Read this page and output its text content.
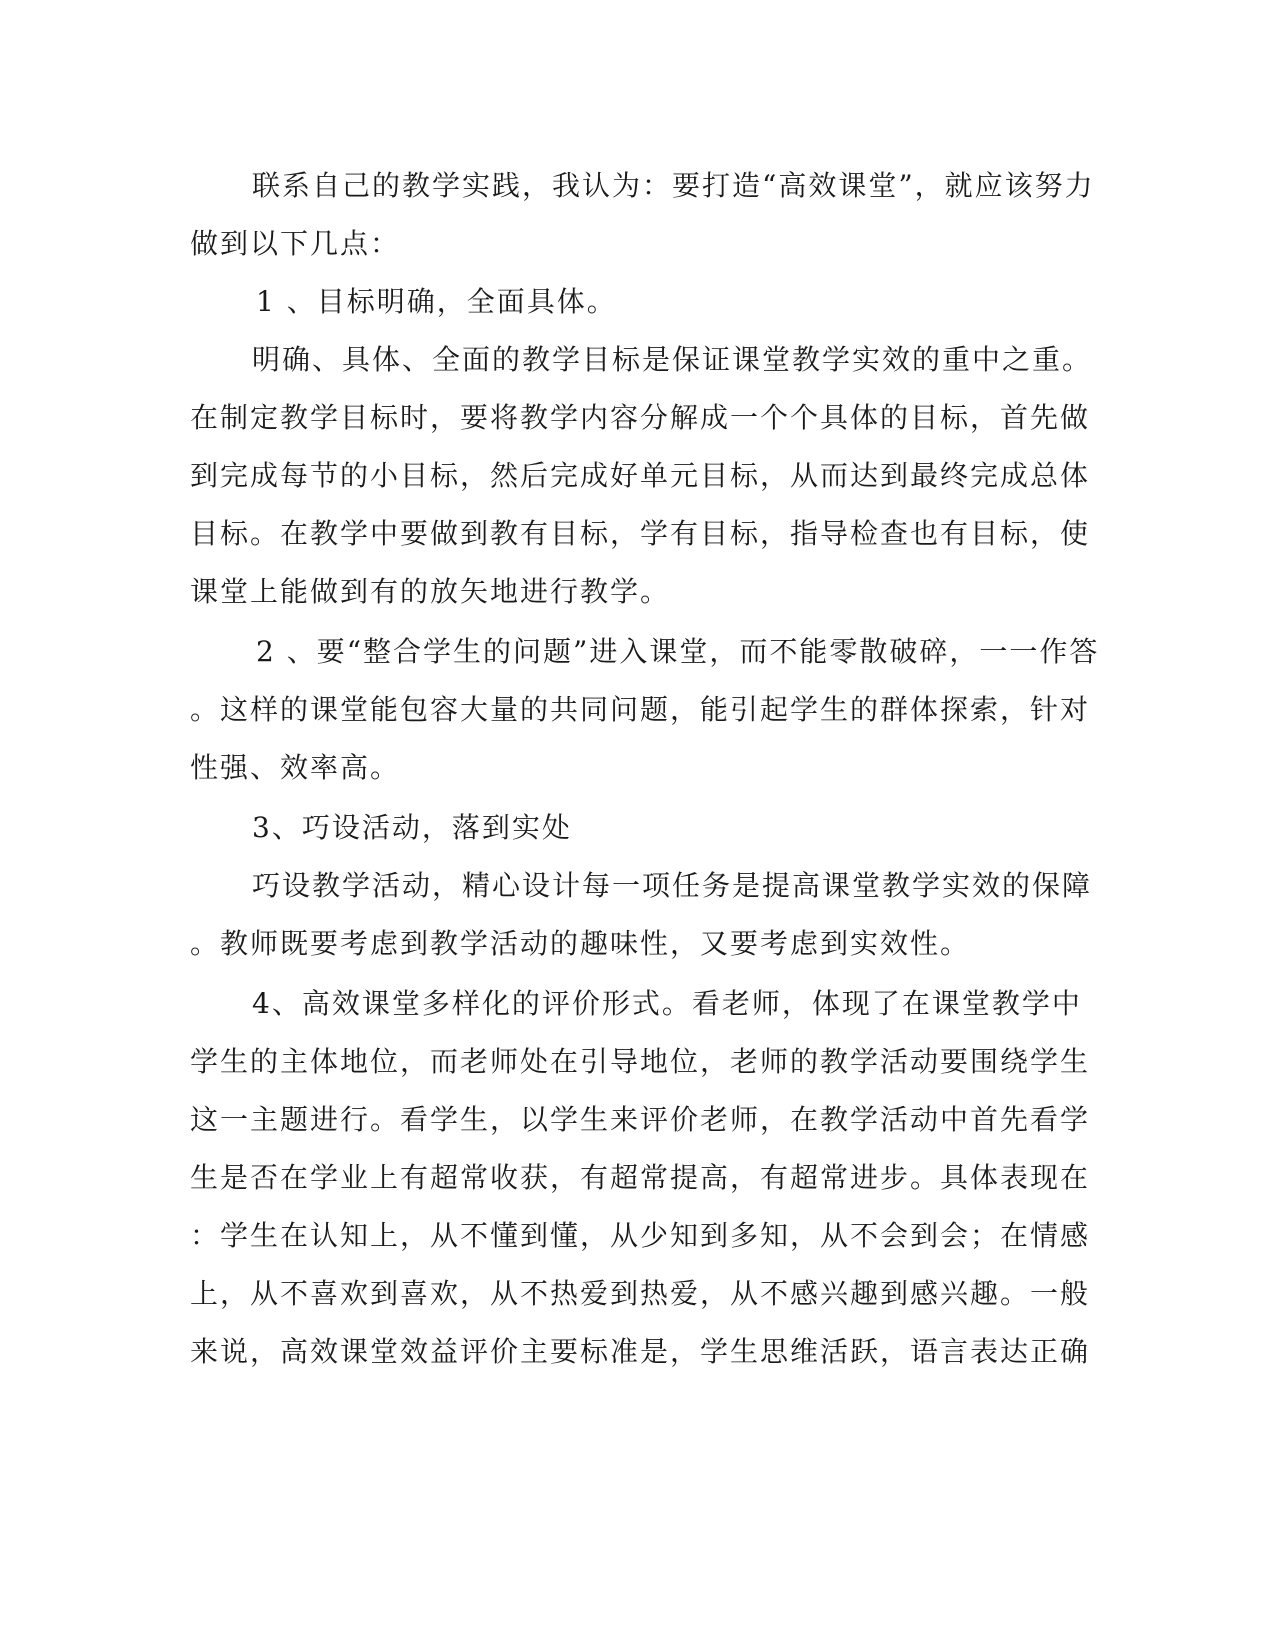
联系自己的教学实践，我认为：要打造“高效课堂”，就应该努力
做到以下几点：
1 、目标明确，全面具体。
明确、具体、全面的教学目标是保证课堂教学实效的重中之重。
在制定教学目标时，要将教学内容分解成一个个具体的目标，首先做
到完成每节的小目标，然后完成好单元目标，从而达到最终完成总体
目标。在教学中要做到教有目标，学有目标，指导检查也有目标，使
课堂上能做到有的放矢地进行教学。
2 、要“整合学生的问题”进入课堂，而不能零散破碎，一一作答
。这样的课堂能包容大量的共同问题，能引起学生的群体探索，针对
性强、效率高。
3、巧设活动，落到实处
巧设教学活动，精心设计每一项任务是提高课堂教学实效的保障
。教师既要考虑到教学活动的趣味性，又要考虑到实效性。
4、高效课堂多样化的评价形式。看老师，体现了在课堂教学中
学生的主体地位，而老师处在引导地位，老师的教学活动要围绕学生
这一主题进行。看学生，以学生来评价老师，在教学活动中首先看学
生是否在学业上有超常收获，有超常提高，有超常进步。具体表现在
：学生在认知上，从不懂到懂，从少知到多知，从不会到会；在情感
上，从不喜欢到喜欢，从不热爱到热爱，从不感兴趣到感兴趣。一般
来说，高效课堂效益评价主要标准是，学生思维活跃，语言表达正确
